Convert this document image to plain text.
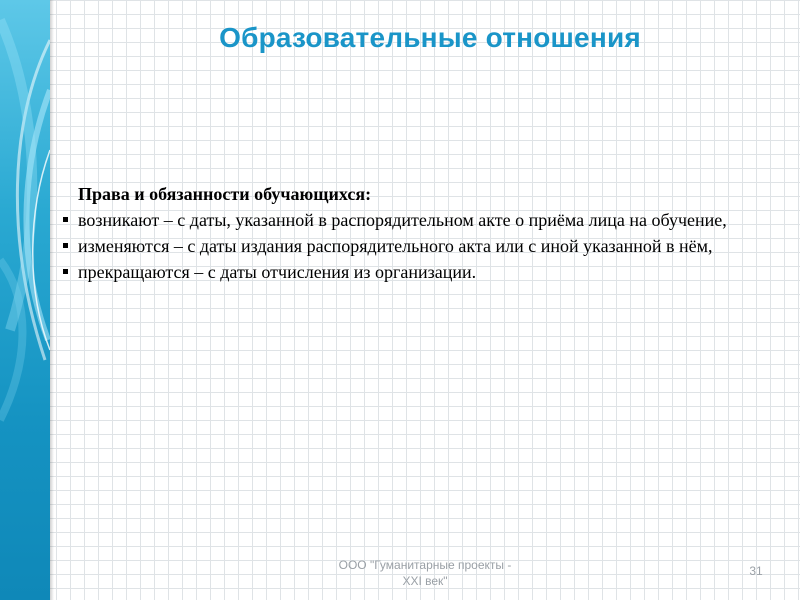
Образовательные отношения
Права и обязанности обучающихся:
возникают – с даты, указанной в распорядительном акте о приёма лица на обучение,
изменяются – с даты издания распорядительного акта или с иной указанной в нём,
прекращаются – с даты отчисления из организации.
ООО "Гуманитарные проекты -
XXI век"
31
